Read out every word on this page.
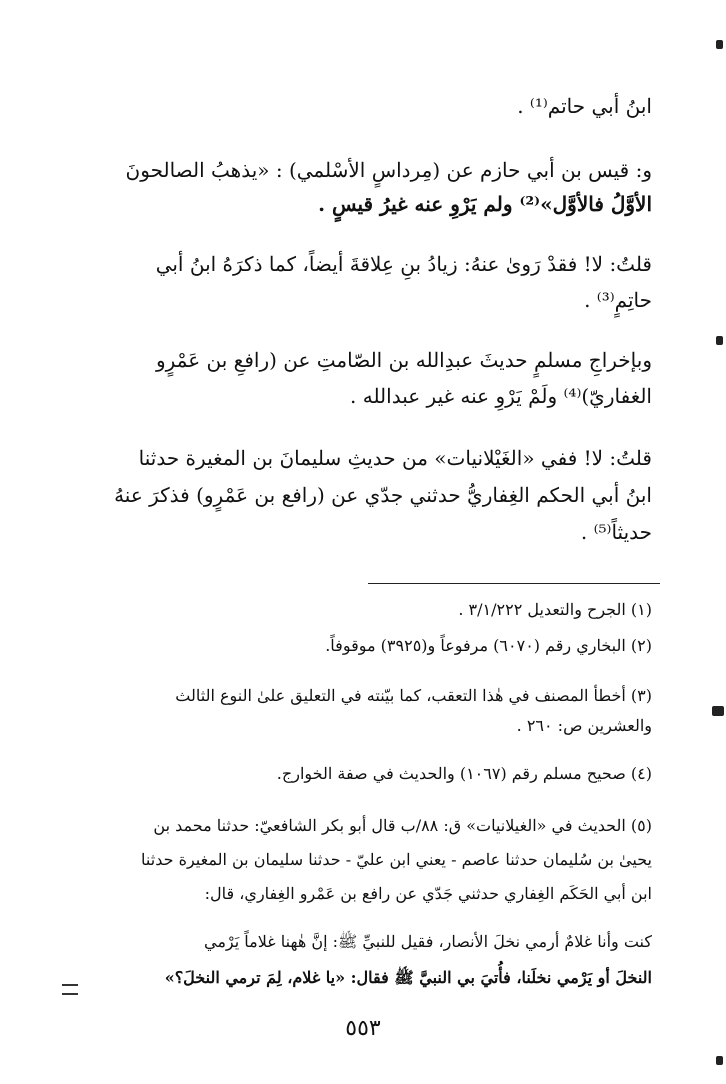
ابنُ أبي حاتم⁽¹⁾ .
و: قيس بن أبي حازم عن (مِرداسٍ الأسْلمي) : «يذهبُ الصالحونَ
الأوَّلُ فالأوَّل»⁽²⁾ ولم يَرْوِ عنه غيرُ قيسٍ .
قلتُ: لا! فقدْ رَوىٰ عنهُ: زيادُ بنِ عِلاقةَ أيضاً، كما ذكرَهُ ابنُ أبي
حاتِمٍ⁽³⁾ .
وبإخراجِ مسلمٍ حديثَ عبدِالله بن الصّامتِ عن (رافعِ بن عَمْرٍو
الغفاريّ)⁽⁴⁾ ولَمْ يَرْوِ عنه غير عبدالله .
قلتُ: لا! ففي «الغَيْلانيات» من حديثِ سليمانَ بن المغيرة حدثنا
ابنُ أبي الحكم الغِفاريُّ حدثني جدّي عن (رافع بن عَمْرٍو) فذكرَ عنهُ
حديثاً⁽⁵⁾ .
(١) الجرح والتعديل ٣/١/٢٢٢ .
(٢) البخاري رقم (٦٠٧٠) مرفوعاً و(٣٩٢٥) موقوفاً.
(٣) أخطأ المصنف في هٰذا التعقب، كما بيّنته في التعليق علىٰ النوع الثالث
والعشرين ص: ٢٦٠ .
(٤) صحيح مسلم رقم (١٠٦٧) والحديث في صفة الخوارج.
(٥) الحديث في «الغيلانيات» ق: ٨٨/ب قال أبو بكر الشافعيّ: حدثنا محمد بن
يحيىٰ بن سُليمان حدثنا عاصم - يعني ابن عليّ - حدثنا سليمان بن المغيرة حدثنا
ابن أبي الحَكَم الغِفاري حدثني جَدّي عن رافع بن عَمْرو الغِفاري، قال:
كنت وأنا غلامٌ أرمي نخلَ الأنصار، فقيل للنبيِّ ﷺ: إنَّ هٰهنا غلاماً يَرْمي
النخلَ أو يَرْمي نخلَنا، فأُتيَ بي النبيَّ ﷺ فقال: «يا غلام، لِمَ ترمي النخلَ؟»
٥٥٣
